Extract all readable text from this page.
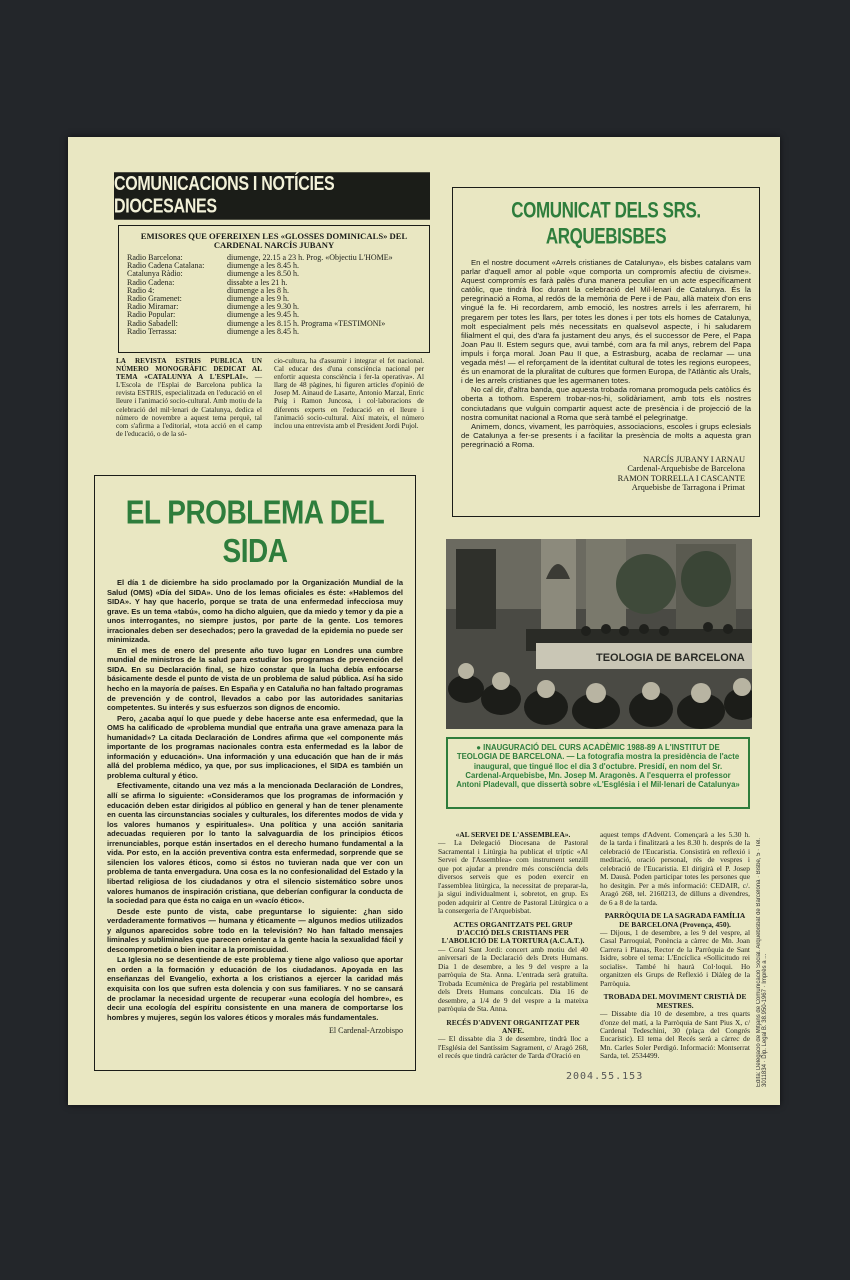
COMUNICACIONS I NOTÍCIES DIOCESANES
EMISORES QUE OFEREIXEN LES «GLOSSES DOMINICALS» DEL CARDENAL NARCÍS JUBANY
Radio Barcelona:	diumenge, 22.15 a 23 h. Prog. «Objectiu L'HOME»
Radio Cadena Catalana:	diumenge a les 8.45 h.
Catalunya Ràdio:	diumenge a les 8.50 h.
Radio Cadena:	dissabte a les 21 h.
Radio 4:	diumenge a les 8 h.
Radio Gramenet:	diumenge a les 9 h.
Radio Miramar:	diumenge a les 9.30 h.
Radio Popular:	diumenge a les 9.45 h.
Radio Sabadell:	diumenge a les 8.15 h. Programa «TESTIMONI»
Radio Terrassa:	diumenge a les 8.45 h.
LA REVISTA ESTRIS PUBLICA UN NÚMERO MONOGRÀFIC DEDICAT AL TEMA «CATALUNYA A L'ESPLAI». — L'Escola de l'Esplai de Barcelona publica la revista ESTRIS, especialitzada en l'educació en el lleure i l'animació socio-cultural. Amb motiu de la celebració del mil·lenari de Catalunya, dedica el número de novembre a aquest tema perquè, tal com s'afirma a l'editorial, «tota acció en el camp de l'educació, o de la só-
cio-cultura, ha d'assumir i integrar el fet nacional. Cal educar des d'una consciència nacional per enfortir aquesta consciència i fer-la operativa». Al llarg de 48 pàgines, hi figuren articles d'opinió de Josep M. Ainaud de Lasarte, Antonio Marzal, Enric Puig i Ramon Juncosa, i col·laboracions de diferents experts en l'educació en el lleure i l'animació socio-cultural. Així mateix, el número inclou una entrevista amb el President Jordi Pujol.
COMUNICAT DELS SRS. ARQUEBISBES
En el nostre document «Arrels cristianes de Catalunya», els bisbes catalans vam parlar d'aquell amor al poble «que comporta un compromís afectiu de civisme». Aquest compromís es farà palès d'una manera peculiar en un acte específicament catòlic, que tindrà lloc durant la celebració del Mil·lenari de Catalunya. És la peregrinació a Roma, al redós de la memòria de Pere i de Pau, allà mateix d'on ens vingué la fe. Hi recordarem, amb emoció, les nostres arrels i les aferrarem, hi pregarem per totes les llars, per totes les dones i per tots els homes de Catalunya, molt especialment pels més necessitats en qualsevol aspecte, i hi saludarem filialment el qui, des d'ara fa justament deu anys, és el successor de Pere, el Papa Joan Pau II. Estem segurs que, avui també, com ara fa mil anys, rebrem del Papa impuls i força moral. Joan Pau II que, a Estrasburg, acaba de reclamar — una vegada més! — el reforçament de la identitat cultural de totes les regions europees, és un enamorat de la pluralitat de cultures que formen Europa, de l'Atlàntic als Urals, i de les arrels cristianes que les agermanen totes.
No cal dir, d'altra banda, que aquesta trobada romana promoguda pels catòlics és oberta a tothom. Esperem trobar-nos-hi, solidàriament, amb tots els nostres conciutadans que vulguin compartir aquest acte de presència i de projecció de la nostra comunitat nacional a Roma que serà també el pelegrinatge.
Animem, doncs, vivament, les parròquies, associacions, escoles i grups eclesials de Catalunya a fer-se presents i a facilitar la presència de molts a aquesta gran peregrinació a Roma.
NARCÍS JUBANY I ARNAU
Cardenal-Arquebisbe de Barcelona
RAMON TORRELLA I CASCANTE
Arquebisbe de Tarragona i Primat
EL PROBLEMA DEL SIDA

El día 1 de diciembre ha sido proclamado por la Organización Mundial de la Salud (OMS) «Día del SIDA». Uno de los lemas oficiales es éste: «Hablemos del SIDA». Y hay que hacerlo, porque se trata de una enfermedad infecciosa muy grave. Es un tema «tabú», como ha dicho alguien, que da miedo y temor y da pie a unos interrogantes, no siempre justos, por parte de la gente. Los temores irracionales deben ser desechados; pero la gravedad de la epidemia no puede ser minimizada.

En el mes de enero del presente año tuvo lugar en Londres una cumbre mundial de ministros de la salud para estudiar los programas de prevención del SIDA. En su Declaración final, se hizo constar que la lucha debía enfocarse básicamente desde el punto de vista de un problema de salud pública. Así ha sido hecho en la mayoría de países. En España y en Cataluña no han faltado programas de prevención y de control, llevados a cabo por las autoridades sanitarias competentes. Su interés y sus esfuerzos son dignos de encomio.

Pero, ¿acaba aquí lo que puede y debe hacerse ante esa enfermedad, que la OMS ha calificado de «problema mundial que entraña una grave amenaza para la humanidad»? La citada Declaración de Londres afirma que «el componente más importante de los programas nacionales contra esta enfermedad es la labor de información y educación». Una información y una educación que han de ir más allá del problema médico, ya que, por sus implicaciones, el SIDA es también un problema cultural y ético.

Efectivamente, citando una vez más a la mencionada Declaración de Londres, allí se afirma lo siguiente: «Consideramos que los programas de información y educación deben estar dirigidos al público en general y han de tener plenamente en cuenta las circunstancias sociales y culturales, los diferentes modos de vida y los valores humanos y espirituales». Una política y una acción sanitaria adecuadas requieren por lo tanto la salvaguardia de los principios éticos irrenunciables, porque están insertados en el derecho humano fundamental a la vida. Por esto, en la acción preventiva contra esta enfermedad, sorprende que se silencien los valores éticos, como si éstos no tuvieran nada que ver con un problema de tanta envergadura. Una cosa es la no confesionalidad del Estado y la libertad religiosa de los ciudadanos y otra el silencio sistemático sobre unos valores humanos de inspiración cristiana, que deberían configurar la conducta de la sociedad para que ésta no caiga en un «vacío ético».

Desde este punto de vista, cabe preguntarse lo siguiente: ¿han sido verdaderamente formativos — humana y éticamente — algunos medios utilizados y algunos aparecidos sobre todo en la televisión? No han faltado mensajes liminales y subliminales que parecen orientar a la gente hacia la sexualidad fácil y descomprometida o bien incitar a la promiscuidad.

La Iglesia no se desentiende de este problema y tiene algo valioso que aportar en orden a la formación y educación de los ciudadanos. Apoyada en las enseñanzas del Evangelio, exhorta a los cristianos a ejercer la caridad más exquisita con los que sufren esta dolencia y con sus familiares. Y no se cansará de proclamar la necesidad urgente de recuperar «una ecología del hombre», es decir una ecología del espíritu consistente en una manera de comportarse los hombres y mujeres, según los valores éticos y morales más fundamentales.

El Cardenal-Arzobispo
TEOLOGIA DE BARCELONA
● INAUGURACIÓ DEL CURS ACADÈMIC 1988-89 A L'INSTITUT DE TEOLOGIA DE BARCELONA. — La fotografia mostra la presidència de l'acte inaugural, que tingué lloc el dia 3 d'octubre. Presidí, en nom del Sr. Cardenal-Arquebisbe, Mn. Josep M. Aragonès. A l'esquerra el professor Antoni Pladevall, que dissertà sobre «L'Església i el Mil·lenari de Catalunya»
«AL SERVEI DE L'ASSEMBLEA».
— La Delegació Diocesana de Pastoral Sacramental i Litúrgia ha publicat el tríptic «Al Servei de l'Assemblea» com instrument senzill que pot ajudar a prendre més consciència dels diversos serveis que es poden exercir en l'assemblea litúrgica, la necessitat de preparar-la, ja sigui individualment i, sobretot, en grup. Es poden adquirir al Centre de Pastoral Litúrgica o a la consergeria de l'Arquebisbat.
ACTES ORGANITZATS PEL GRUP D'ACCIÓ DELS CRISTIANS PER L'ABOLICIÓ DE LA TORTURA (A.C.A.T.).
— Coral Sant Jordi: concert amb motiu del 40 aniversari de la Declaració dels Drets Humans. Dia 1 de desembre, a les 9 del vespre a la parròquia de Sta. Anna. L'entrada serà gratuïta. Trobada Ecumènica de Pregària pel restabliment dels Drets Humans conculcats. Dia 16 de desembre, a 1/4 de 9 del vespre a la mateixa parròquia de Sta. Anna.
RECÉS D'ADVENT ORGANITZAT PER ANFE.
— El dissabte dia 3 de desembre, tindrà lloc a l'Església del Santíssim Sagrament, c/ Aragó 268, el recés que tindrà caràcter de Tarda d'Oració en
aquest temps d'Advent. Començarà a les 5.30 h. de la tarda i finalitzarà a les 8.30 h. després de la celebració de l'Eucaristia. Consistirà en reflexió i meditació, oració personal, rés de vespres i celebració de l'Eucaristia. El dirigirà el P. Josep M. Dausà. Poden participar totes les persones que ho desitgin. Per a més informació: CEDAIR, c/. Aragó 268, tel. 2160213, de dilluns a divendres, de 6 a 8 de la tarda.
PARRÒQUIA DE LA SAGRADA FAMÍLIA DE BARCELONA (Provença, 450).
— Dijous, 1 de desembre, a les 9 del vespre, al Casal Parroquial, Ponència a càrrec de Mn. Joan Carrera i Planas, Rector de la Parròquia de Sant Isidre, sobre el tema: L'Encíclica «Sollicitudo rei socialis». També hi haurà Col·loqui. Ho organitzen els Grups de Reflexió i Diàleg de la Parròquia.
TROBADA DEL MOVIMENT CRISTIÀ DE MESTRES.
— Dissabte dia 10 de desembre, a tres quarts d'onze del matí, a la Parròquia de Sant Pius X, c/ Cardenal Tedeschini, 30 (plaça del Congrés Eucarístic). El tema del Recés serà a càrrec de Mn. Carles Soler Perdigó. Informació: Montserrat Sarda, tel. 2534499.	Edita: Delegació de Mitjans de Comunicació Social. Arquebisbat de Barcelona · Bisbe, 5 · Tel. 3011834 · Dip. Legal B. 38.950-1967 · Imprès a ...
2004.55.153
